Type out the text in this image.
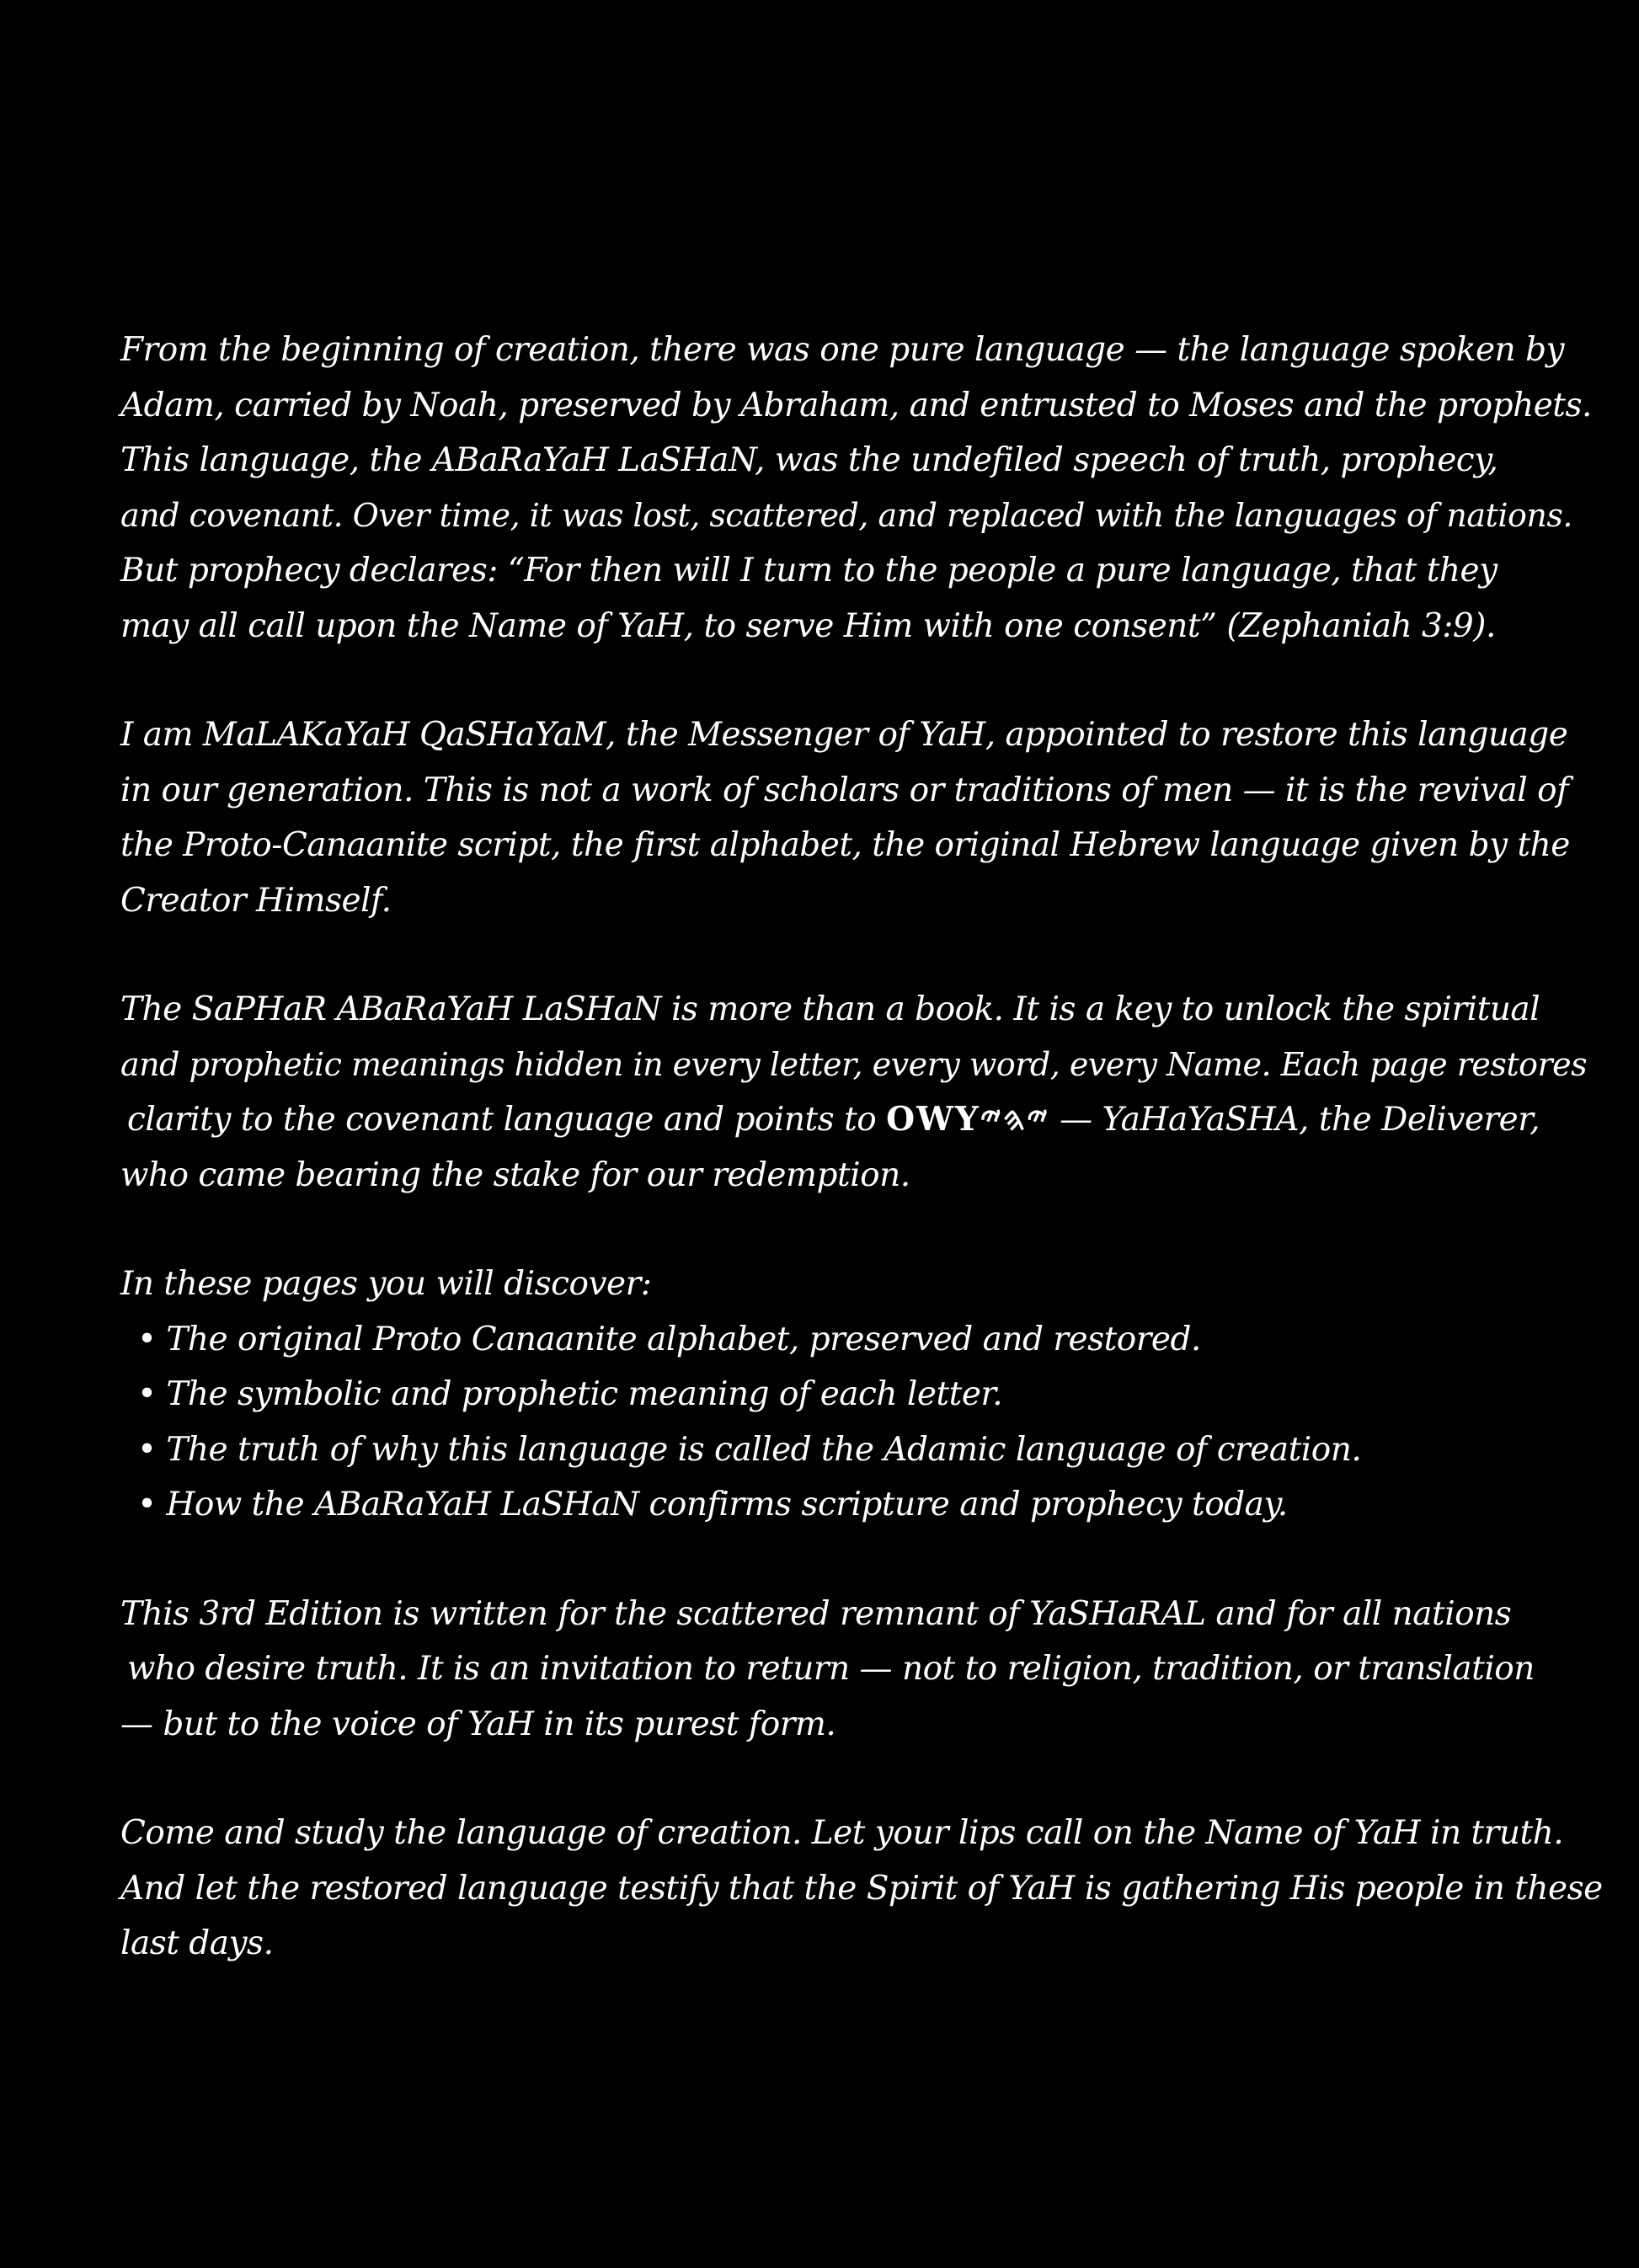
From the beginning of creation, there was one pure language — the language spoken by
Adam, carried by Noah, preserved by Abraham, and entrusted to Moses and the prophets.
This language, the ABaRaYaH LaSHaN, was the undefiled speech of truth, prophecy,
and covenant. Over time, it was lost, scattered, and replaced with the languages of nations.
But prophecy declares: “For then will I turn to the people a pure language, that they
may all call upon the Name of YaH, to serve Him with one consent” (Zephaniah 3:9).
I am MaLAKaYaH QaSHaYaM, the Messenger of YaH, appointed to restore this language
in our generation. This is not a work of scholars or traditions of men — it is the revival of
the Proto-Canaanite script, the first alphabet, the original Hebrew language given by the
Creator Himself.
The SaPHaR ABaRaYaH LaSHaN is more than a book. It is a key to unlock the spiritual
and prophetic meanings hidden in every letter, every word, every Name. Each page restores
clarity to the covenant language and points to OWY𐤉𐤄𐤉 — YaHaYaSHA, the Deliverer,
who came bearing the stake for our redemption.
In these pages you will discover:
• The original Proto Canaanite alphabet, preserved and restored.
• The symbolic and prophetic meaning of each letter.
• The truth of why this language is called the Adamic language of creation.
• How the ABaRaYaH LaSHaN confirms scripture and prophecy today.
This 3rd Edition is written for the scattered remnant of YaSHaRAL and for all nations
who desire truth. It is an invitation to return — not to religion, tradition, or translation
— but to the voice of YaH in its purest form.
Come and study the language of creation. Let your lips call on the Name of YaH in truth.
And let the restored language testify that the Spirit of YaH is gathering His people in these
last days.
